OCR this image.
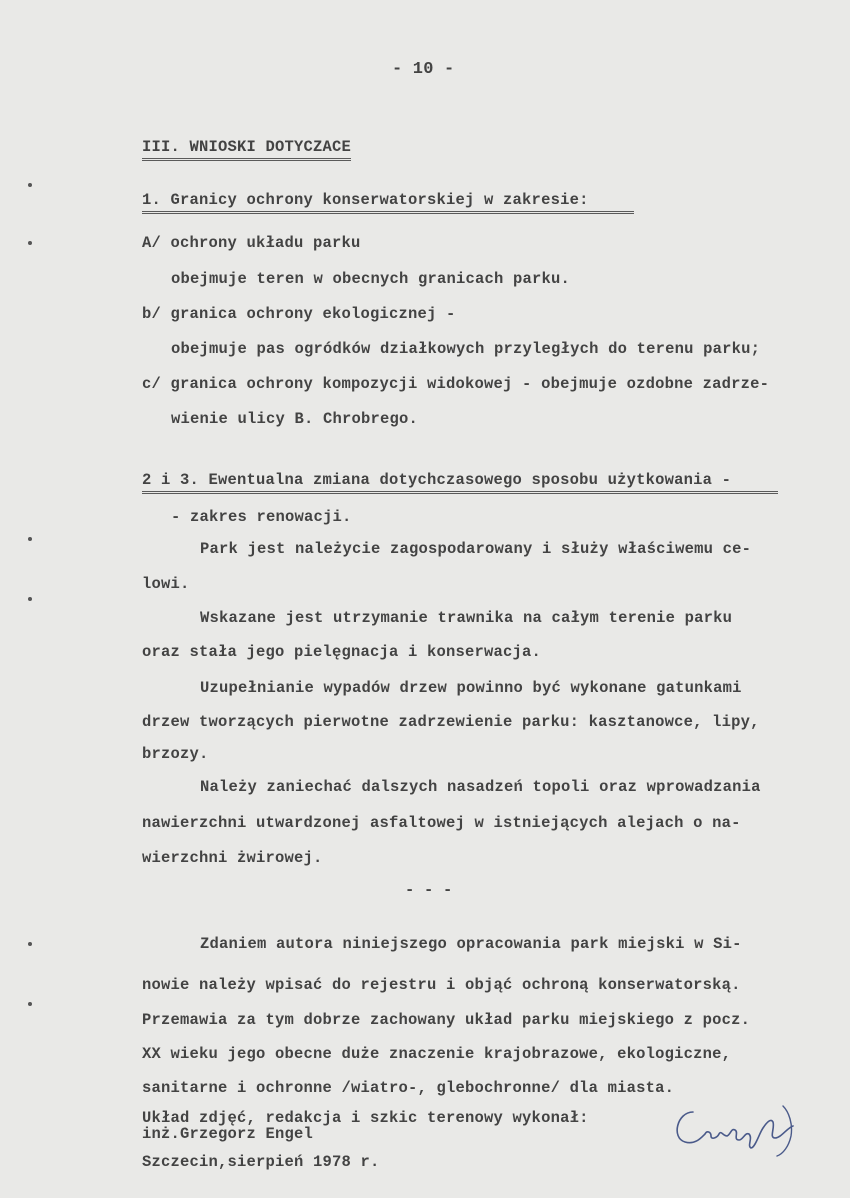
- 10 -
III. WNIOSKI DOTYCZACE
1. Granicy ochrony konserwatorskiej w zakresie:
A/ ochrony układu parku
obejmuje teren w obecnych granicach parku.
b/ granica ochrony ekologicznej -
obejmuje pas ogródków działkowych przyległych do terenu parku;
c/ granica ochrony kompozycji widokowej - obejmuje ozdobne zadrze-
wienie ulicy B. Chrobrego.
2 i 3. Ewentualna zmiana dotychczasowego sposobu użytkowania -
- zakres renowacji.
Park jest należycie zagospodarowany i służy właściwemu ce-
lowi.
Wskazane jest utrzymanie trawnika na całym terenie parku
oraz stała jego pielęgnacja i konserwacja.
Uzupełnianie wypadów drzew powinno być wykonane gatunkami
drzew tworzących pierwotne zadrzewienie parku: kasztanowce, lipy,
brzozy.
Należy zaniechać dalszych nasadzeń topoli oraz wprowadzania
nawierzchni utwardzonej asfaltowej w istniejących alejach o na-
wierzchni żwirowej.
- - -
Zdaniem autora niniejszego opracowania park miejski w Si-
nowie należy wpisać do rejestru i objąć ochroną konserwatorską.
Przemawia za tym dobrze zachowany układ parku miejskiego z pocz.
XX wieku jego obecne duże znaczenie krajobrazowe, ekologiczne,
sanitarne i ochronne /wiatro-, glebochronne/ dla miasta.
Układ zdjęć, redakcja i szkic terenowy wykonał:
inż.Grzegorz Engel
Szczecin,sierpień 1978 r.
